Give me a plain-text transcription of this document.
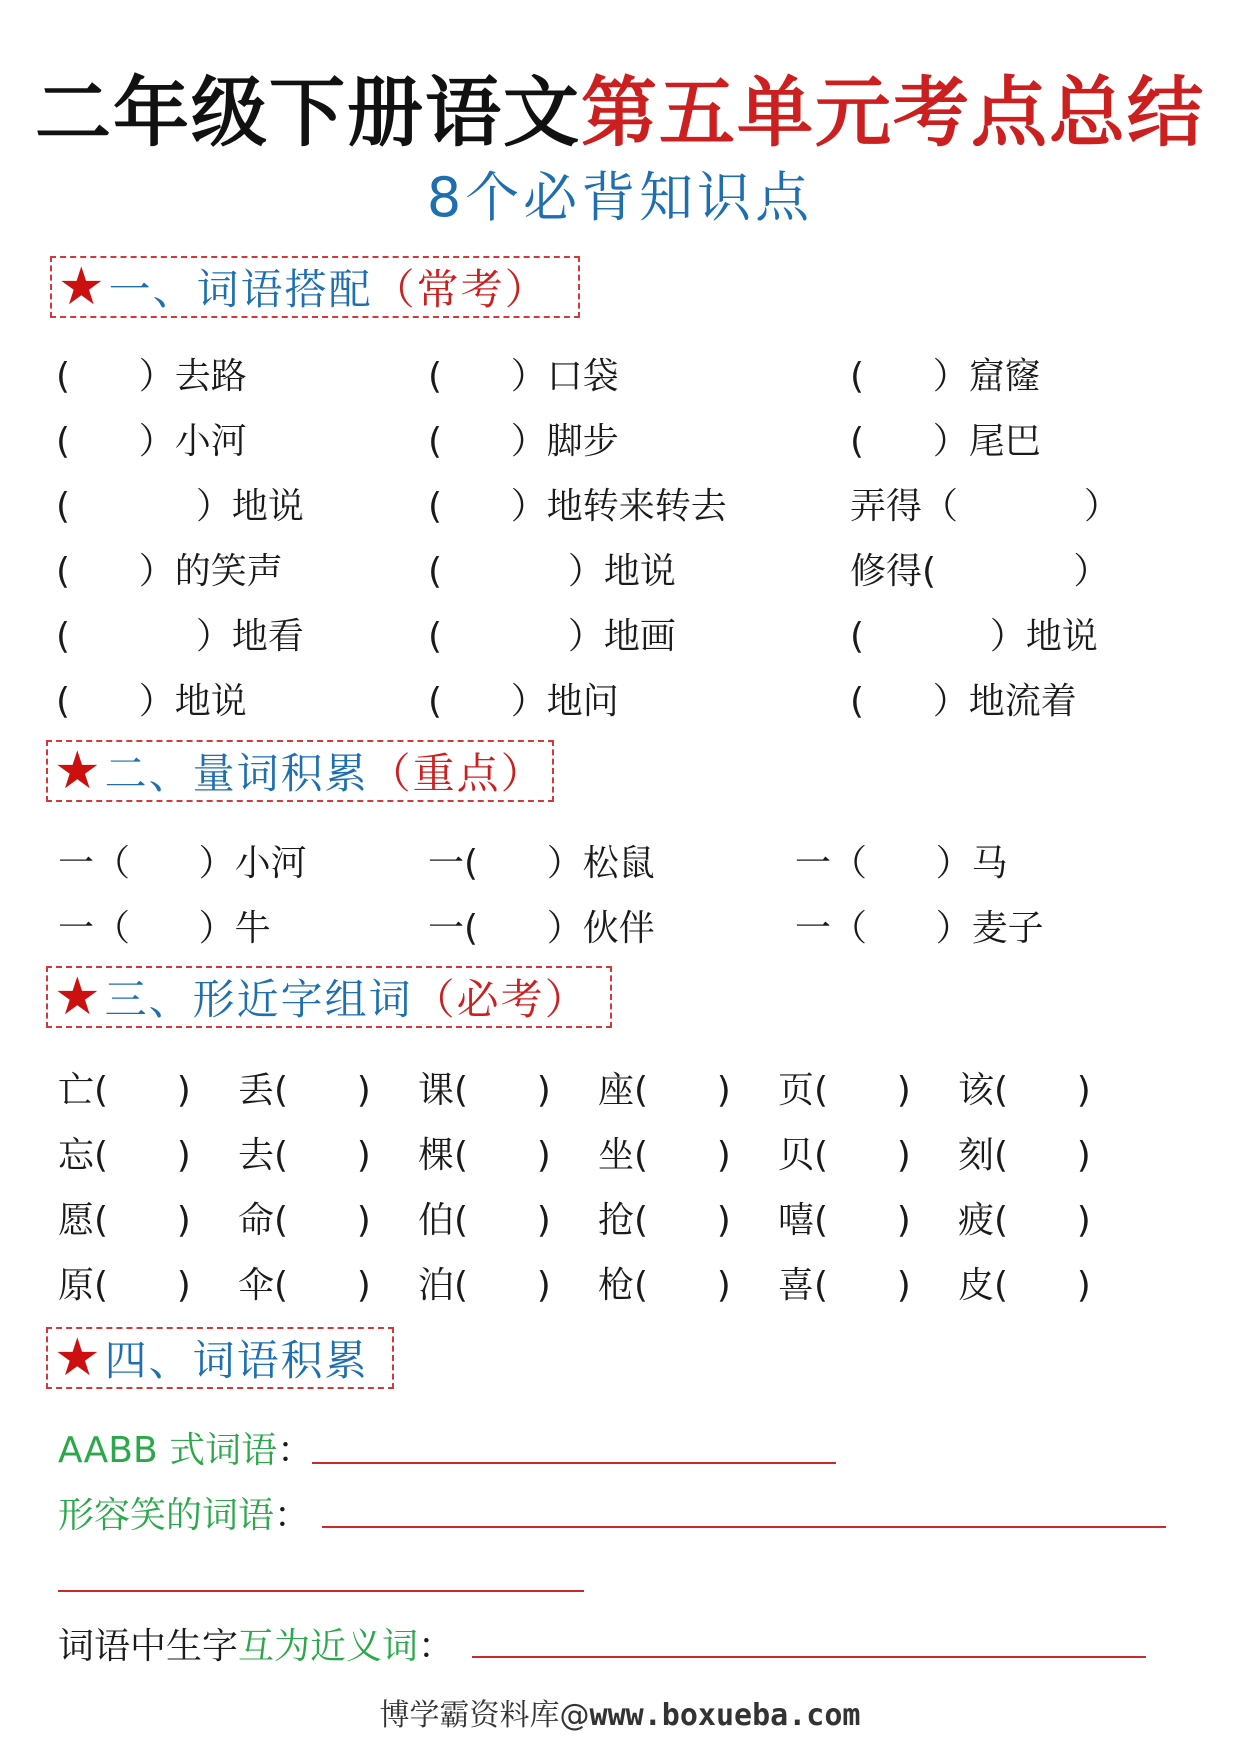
二年级下册语文第五单元考点总结
8个必背知识点
★ 一、词语搭配 （常考）
(      ）去路	(      ）口袋	(      ）窟窿
(      ）小河	(      ）脚步	(      ）尾巴
(           ）地说	(      ）地转来转去	弄得（           ）
(      ）的笑声	(           ）地说	修得(            ）
(           ）地看	(           ）地画	(           ）地说
(      ）地说	(      ）地问	(      ）地流着
★ 二、量词积累 （重点）
一（      ）小河	一(      ）松鼠	一（      ）马
一（      ）牛	一(      ）伙伴	一（      ）麦子
★ 三、形近字组词 （必考）
亡(      ) 丢(      ) 课(      ) 座(      ) 页(      ) 该(      )
忘(      ) 去(      ) 棵(      ) 坐(      ) 贝(      ) 刻(      )
愿(      ) 命(      ) 伯(      ) 抢(      ) 嘻(      ) 疲(      )
原(      ) 伞(      ) 泊(      ) 枪(      ) 喜(      ) 皮(      )
★ 四、词语积累
AABB 式词语：
形容笑的词语：
词语中生字互为近义词：
博学霸资料库@www.boxueba.com
